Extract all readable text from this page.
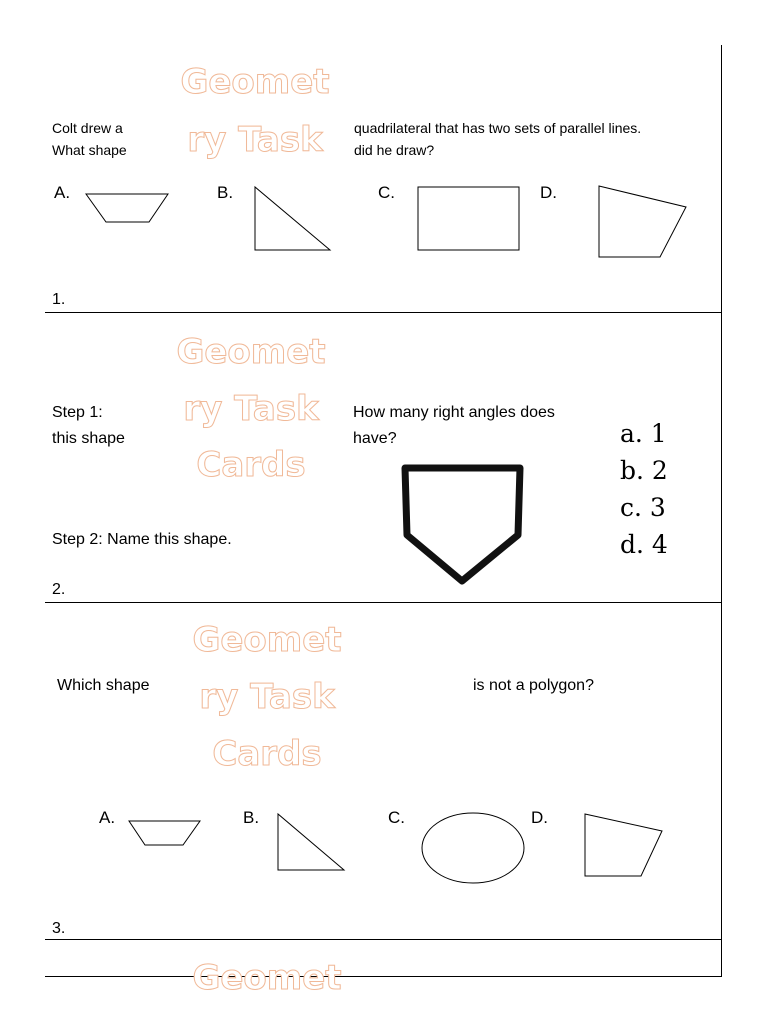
Geomet
ry Task
Colt drew a
What shape
quadrilateral that has two sets of parallel lines.
did he draw?
A.	B.	C.	D.
1.
Geomet
ry Task
Cards
Step 1:
this shape
How many right angles does
have?
Step 2: Name this shape.
a. 1
b. 2
c. 3
d. 4
2.
Geomet
ry Task
Cards
Which shape	is not a polygon?
A.	B.	C.	D.
3.
Geomet
